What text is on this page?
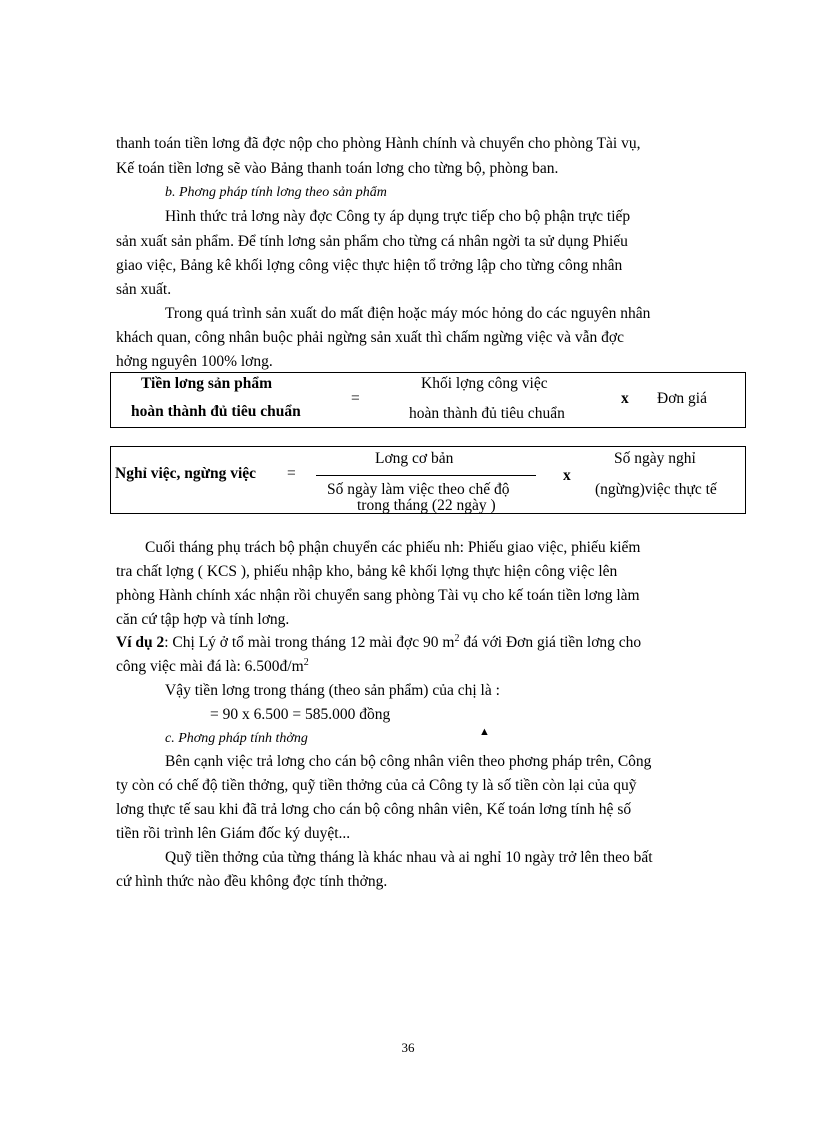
thanh toán tiền lơng đã đợc nộp cho phòng Hành chính và chuyển cho phòng Tài vụ,
Kế toán tiền lơng sẽ vào Bảng thanh toán lơng cho từng bộ, phòng ban.
b. Phơng pháp tính lơng theo sản phẩm
Hình thức trả lơng này đợc Công ty áp dụng trực tiếp cho bộ phận trực tiếp
sản xuất sản phẩm. Để tính lơng sản phẩm cho từng cá nhân ngời ta sử dụng Phiếu
giao việc, Bảng kê khối lợng công việc thực hiện tổ trởng lập cho từng công nhân
sản xuất.
Trong quá trình sản xuất do mất điện hoặc máy móc hỏng do các nguyên nhân
khách quan, công nhân buộc phải ngừng sản xuất thì chấm ngừng việc và vẫn đợc
hởng nguyên 100% lơng.
Tiền lơng sản phẩm
hoàn thành đủ tiêu chuẩn
=
Khối lợng công việc
hoàn thành đủ tiêu chuẩn
x Đơn giá
Nghỉ việc, ngừng việc =
Lơng cơ bản
Số ngày làm việc theo chế độ
trong tháng (22 ngày )
x
Số ngày nghỉ
(ngừng)việc thực tế
Cuối tháng phụ trách bộ phận chuyển các phiếu nh: Phiếu giao việc, phiếu kiểm
tra chất lợng ( KCS ), phiếu nhập kho, bảng kê khối lợng thực hiện công việc lên
phòng Hành chính xác nhận rồi chuyển sang phòng Tài vụ cho kế toán tiền lơng làm
căn cứ tập hợp và tính lơng.
Ví dụ 2: Chị Lý ở tổ mài trong tháng 12 mài đợc 90 $m^2$ đá với Đơn giá tiền lơng cho
công việc mài đá là: $6.500đ/m^2$
Vậy tiền lơng trong tháng (theo sản phẩm) của chị là :
= 90 x 6.500 = 585.000 đồng
▲
c. Phơng pháp tính thởng
Bên cạnh việc trả lơng cho cán bộ công nhân viên theo phơng pháp trên, Công
ty còn có chế độ tiền thởng, quỹ tiền thởng của cả Công ty là số tiền còn lại của quỹ
lơng thực tế sau khi đã trả lơng cho cán bộ công nhân viên, Kế toán lơng tính hệ số
tiền rồi trình lên Giám đốc ký duyệt...
Quỹ tiền thởng của từng tháng là khác nhau và ai nghỉ 10 ngày trở lên theo bất
cứ hình thức nào đều không đợc tính thởng.
36
